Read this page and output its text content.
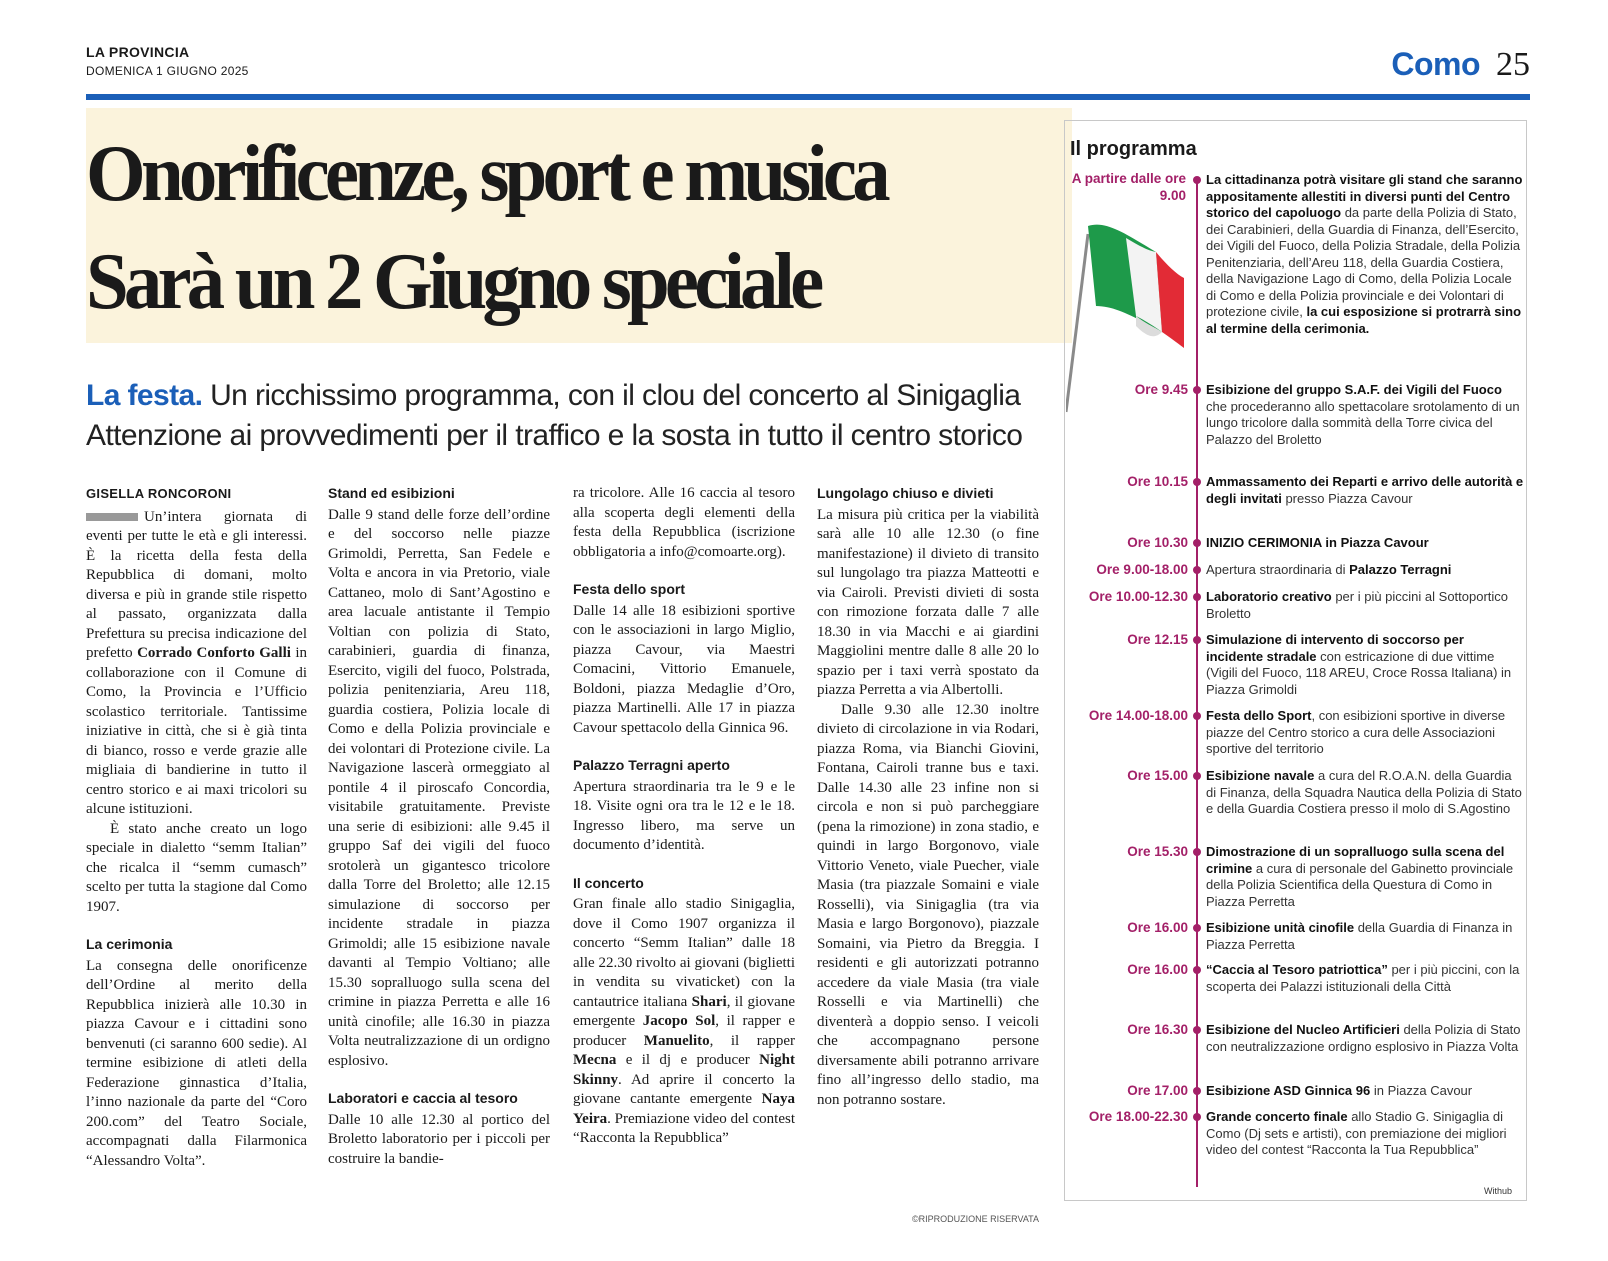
LA PROVINCIA
DOMENICA 1 GIUGNO 2025	Como 25
Onorificenze, sport e musica
Sarà un 2 Giugno speciale
La festa. Un ricchissimo programma, con il clou del concerto al Sinigaglia
Attenzione ai provvedimenti per il traffico e la sosta in tutto il centro storico
GISELLA RONCORONI

Un’intera giornata di eventi per tutte le età e gli interessi. È la ricetta della festa della Repubblica di domani, molto diversa e più in grande stile rispetto al passato, organizzata dalla Prefettura su precisa indicazione del prefetto Corrado Conforto Galli in collaborazione con il Comune di Como, la Provincia e l’Ufficio scolastico territoriale. Tantissime iniziative in città, che si è già tinta di bianco, rosso e verde grazie alle migliaia di bandierine in tutto il centro storico e ai maxi tricolori su alcune istituzioni.

È stato anche creato un logo speciale in dialetto “semm Italian” che ricalca il “semm cumasch” scelto per tutta la stagione dal Como 1907.

La cerimonia

La consegna delle onorificenze dell’Ordine al merito della Repubblica inizierà alle 10.30 in piazza Cavour e i cittadini sono benvenuti (ci saranno 600 sedie). Al termine esibizione di atleti della Federazione ginnastica d’Italia, l’inno nazionale da parte del “Coro 200.com” del Teatro Sociale, accompagnati dalla Filarmonica “Alessandro Volta”.

Stand ed esibizioni

Dalle 9 stand delle forze dell’ordine e del soccorso nelle piazze Grimoldi, Perretta, San Fedele e Volta e ancora in via Pretorio, viale Cattaneo, molo di Sant’Agostino e area lacuale antistante il Tempio Voltian con polizia di Stato, carabinieri, guardia di finanza, Esercito, vigili del fuoco, Polstrada, polizia penitenziaria, Areu 118, guardia costiera, Polizia locale di Como e della Polizia provinciale e dei volontari di Protezione civile. La Navigazione lascerà ormeggiato al pontile 4 il piroscafo Concordia, visitabile gratuitamente. Previste una serie di esibizioni: alle 9.45 il gruppo Saf dei vigili del fuoco srotolerà un gigantesco tricolore dalla Torre del Broletto; alle 12.15 simulazione di soccorso per incidente stradale in piazza Grimoldi; alle 15 esibizione navale davanti al Tempio Voltiano; alle 15.30 sopralluogo sulla scena del crimine in piazza Perretta e alle 16 unità cinofile; alle 16.30 in piazza Volta neutralizzazione di un ordigno esplosivo.

Laboratori e caccia al tesoro

Dalle 10 alle 12.30 al portico del Broletto laboratorio per i piccoli per costruire la bandie-

ra tricolore. Alle 16 caccia al tesoro alla scoperta degli elementi della festa della Repubblica (iscrizione obbligatoria a info@comoarte.org).

Festa dello sport

Dalle 14 alle 18 esibizioni sportive con le associazioni in largo Miglio, piazza Cavour, via Maestri Comacini, Vittorio Emanuele, Boldoni, piazza Medaglie d’Oro, piazza Martinelli. Alle 17 in piazza Cavour spettacolo della Ginnica 96.

Palazzo Terragni aperto

Apertura straordinaria tra le 9 e le 18. Visite ogni ora tra le 12 e le 18. Ingresso libero, ma serve un documento d’identità.

Il concerto

Gran finale allo stadio Sinigaglia, dove il Como 1907 organizza il concerto “Semm Italian” dalle 18 alle 22.30 rivolto ai giovani (biglietti in vendita su vivaticket) con la cantautrice italiana Shari, il giovane emergente Jacopo Sol, il rapper e producer Manuelito, il rapper Mecna e il dj e producer Night Skinny. Ad aprire il concerto la giovane cantante emergente Naya Yeira. Premiazione video del contest “Racconta la Repubblica”

Lungolago chiuso e divieti

La misura più critica per la viabilità sarà alle 10 alle 12.30 (o fine manifestazione) il divieto di transito sul lungolago tra piazza Matteotti e via Cairoli. Previsti divieti di sosta con rimozione forzata dalle 7 alle 18.30 in via Macchi e ai giardini Maggiolini mentre dalle 8 alle 20 lo spazio per i taxi verrà spostato da piazza Perretta a via Albertolli.

Dalle 9.30 alle 12.30 inoltre divieto di circolazione in via Rodari, piazza Roma, via Bianchi Giovini, Fontana, Cairoli tranne bus e taxi. Dalle 14.30 alle 23 infine non si circola e non si può parcheggiare (pena la rimozione) in zona stadio, e quindi in largo Borgonovo, viale Vittorio Veneto, viale Puecher, viale Masia (tra piazzale Somaini e viale Rosselli), via Sinigaglia (tra via Masia e largo Borgonovo), piazzale Somaini, via Pietro da Breggia. I residenti e gli autorizzati potranno accedere da viale Masia (tra viale Rosselli e via Martinelli) che diventerà a doppio senso. I veicoli che accompagnano persone diversamente abili potranno arrivare fino all’ingresso dello stadio, ma non potranno sostare.

©RIPRODUZIONE RISERVATA
Il programma
A partire dalle ore 9.00
La cittadinanza potrà visitare gli stand che saranno appositamente allestiti in diversi punti del Centro storico del capoluogo da parte della Polizia di Stato, dei Carabinieri, della Guardia di Finanza, dell’Esercito, dei Vigili del Fuoco, della Polizia Stradale, della Polizia Penitenziaria, dell’Areu 118, della Guardia Costiera, della Navigazione Lago di Como, della Polizia Locale di Como e della Polizia provinciale e dei Volontari di protezione civile, la cui esposizione si protrarrà sino al termine della cerimonia.
Ore 9.45 Esibizione del gruppo S.A.F. dei Vigili del Fuoco che procederanno allo spettacolare srotolamento di un lungo tricolore dalla sommità della Torre civica del Palazzo del Broletto
Ore 10.15 Ammassamento dei Reparti e arrivo delle autorità e degli invitati presso Piazza Cavour
Ore 10.30 INIZIO CERIMONIA in Piazza Cavour
Ore 9.00-18.00 Apertura straordinaria di Palazzo Terragni
Ore 10.00-12.30 Laboratorio creativo per i più piccini al Sottoportico Broletto
Ore 12.15 Simulazione di intervento di soccorso per incidente stradale con estricazione di due vittime (Vigili del Fuoco, 118 AREU, Croce Rossa Italiana) in Piazza Grimoldi
Ore 14.00-18.00 Festa dello Sport, con esibizioni sportive in diverse piazze del Centro storico a cura delle Associazioni sportive del territorio
Ore 15.00 Esibizione navale a cura del R.O.A.N. della Guardia di Finanza, della Squadra Nautica della Polizia di Stato e della Guardia Costiera presso il molo di S.Agostino
Ore 15.30 Dimostrazione di un sopralluogo sulla scena del crimine a cura di personale del Gabinetto provinciale della Polizia Scientifica della Questura di Como in Piazza Perretta
Ore 16.00 Esibizione unità cinofile della Guardia di Finanza in Piazza Perretta
Ore 16.00 “Caccia al Tesoro patriottica” per i più piccini, con la scoperta dei Palazzi istituzionali della Città
Ore 16.30 Esibizione del Nucleo Artificieri della Polizia di Stato con neutralizzazione ordigno esplosivo in Piazza Volta
Ore 17.00 Esibizione ASD Ginnica 96 in Piazza Cavour
Ore 18.00-22.30 Grande concerto finale allo Stadio G. Sinigaglia di Como (Dj sets e artisti), con premiazione dei migliori video del contest “Racconta la Tua Repubblica”
Withub
